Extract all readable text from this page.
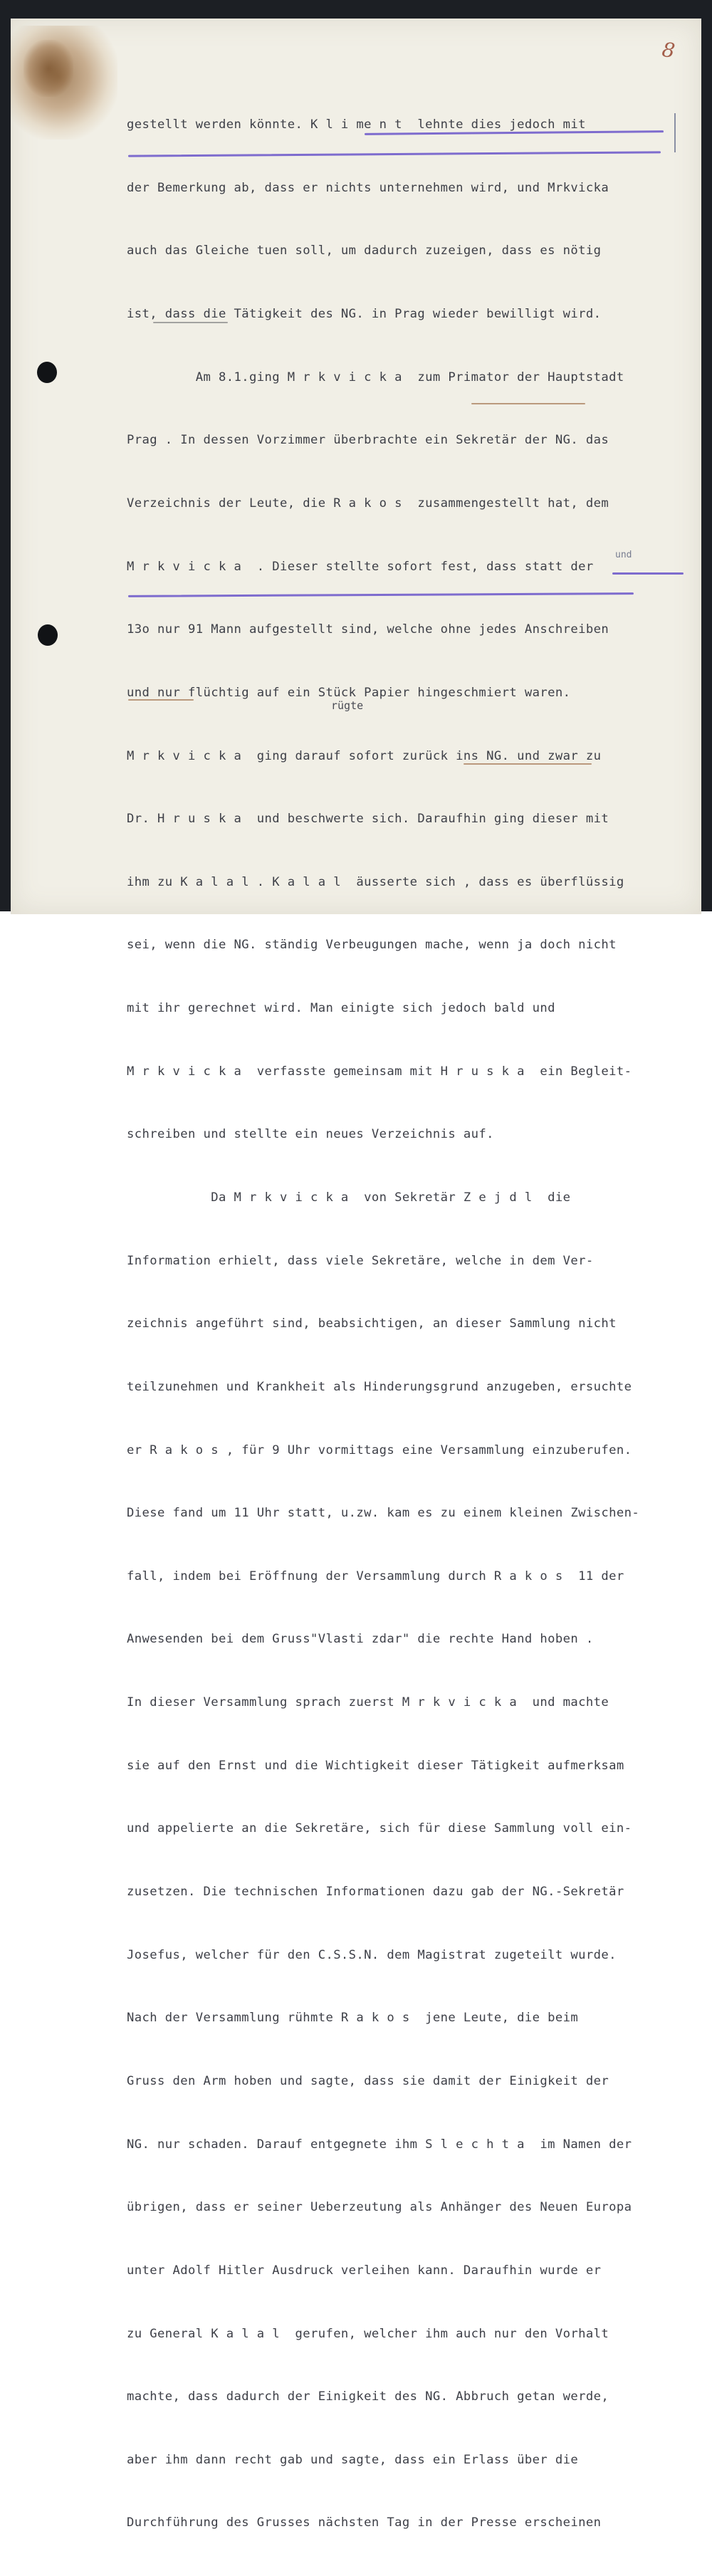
8
rügte
und

gestellt werden könnte. K l i me n t  lehnte dies jedoch mit

der Bemerkung ab, dass er nichts unternehmen wird, und Mrkvicka

auch das Gleiche tuen soll, um dadurch zuzeigen, dass es nötig

ist, dass die Tätigkeit des NG. in Prag wieder bewilligt wird.

Am 8.1.ging M r k v i c k a  zum Primator der Hauptstadt

Prag . In dessen Vorzimmer überbrachte ein Sekretär der NG. das

Verzeichnis der Leute, die R a k o s  zusammengestellt hat, dem

M r k v i c k a  . Dieser stellte sofort fest, dass statt der

13o nur 91 Mann aufgestellt sind, welche ohne jedes Anschreiben

und nur flüchtig auf ein Stück Papier hingeschmiert waren.

M r k v i c k a  ging darauf sofort zurück ins NG. und zwar zu

Dr. H r u s k a  und beschwerte sich. Daraufhin ging dieser mit

ihm zu K a l a l . K a l a l  äusserte sich , dass es überflüssig

sei, wenn die NG. ständig Verbeugungen mache, wenn ja doch nicht

mit ihr gerechnet wird. Man einigte sich jedoch bald und

M r k v i c k a  verfasste gemeinsam mit H r u s k a  ein Begleit-

schreiben und stellte ein neues Verzeichnis auf.

Da M r k v i c k a  von Sekretär Z e j d l  die

Information erhielt, dass viele Sekretäre, welche in dem Ver-

zeichnis angeführt sind, beabsichtigen, an dieser Sammlung nicht

teilzunehmen und Krankheit als Hinderungsgrund anzugeben, ersuchte

er R a k o s , für 9 Uhr vormittags eine Versammlung einzuberufen.

Diese fand um 11 Uhr statt, u.zw. kam es zu einem kleinen Zwischen-

fall, indem bei Eröffnung der Versammlung durch R a k o s  11 der

Anwesenden bei dem Gruss"Vlasti zdar" die rechte Hand hoben .

In dieser Versammlung sprach zuerst M r k v i c k a  und machte

sie auf den Ernst und die Wichtigkeit dieser Tätigkeit aufmerksam

und appelierte an die Sekretäre, sich für diese Sammlung voll ein-

zusetzen. Die technischen Informationen dazu gab der NG.-Sekretär

Josefus, welcher für den C.S.S.N. dem Magistrat zugeteilt wurde.

Nach der Versammlung rühmte R a k o s  jene Leute, die beim

Gruss den Arm hoben und sagte, dass sie damit der Einigkeit der

NG. nur schaden. Darauf entgegnete ihm S l e c h t a  im Namen der

übrigen, dass er seiner Ueberzeutung als Anhänger des Neuen Europa

unter Adolf Hitler Ausdruck verleihen kann. Daraufhin wurde er

zu General K a l a l  gerufen, welcher ihm auch nur den Vorhalt

machte, dass dadurch der Einigkeit des NG. Abbruch getan werde,

aber ihm dann recht gab und sagte, dass ein Erlass über die

Durchführung des Grusses nächsten Tag in der Presse erscheinen
